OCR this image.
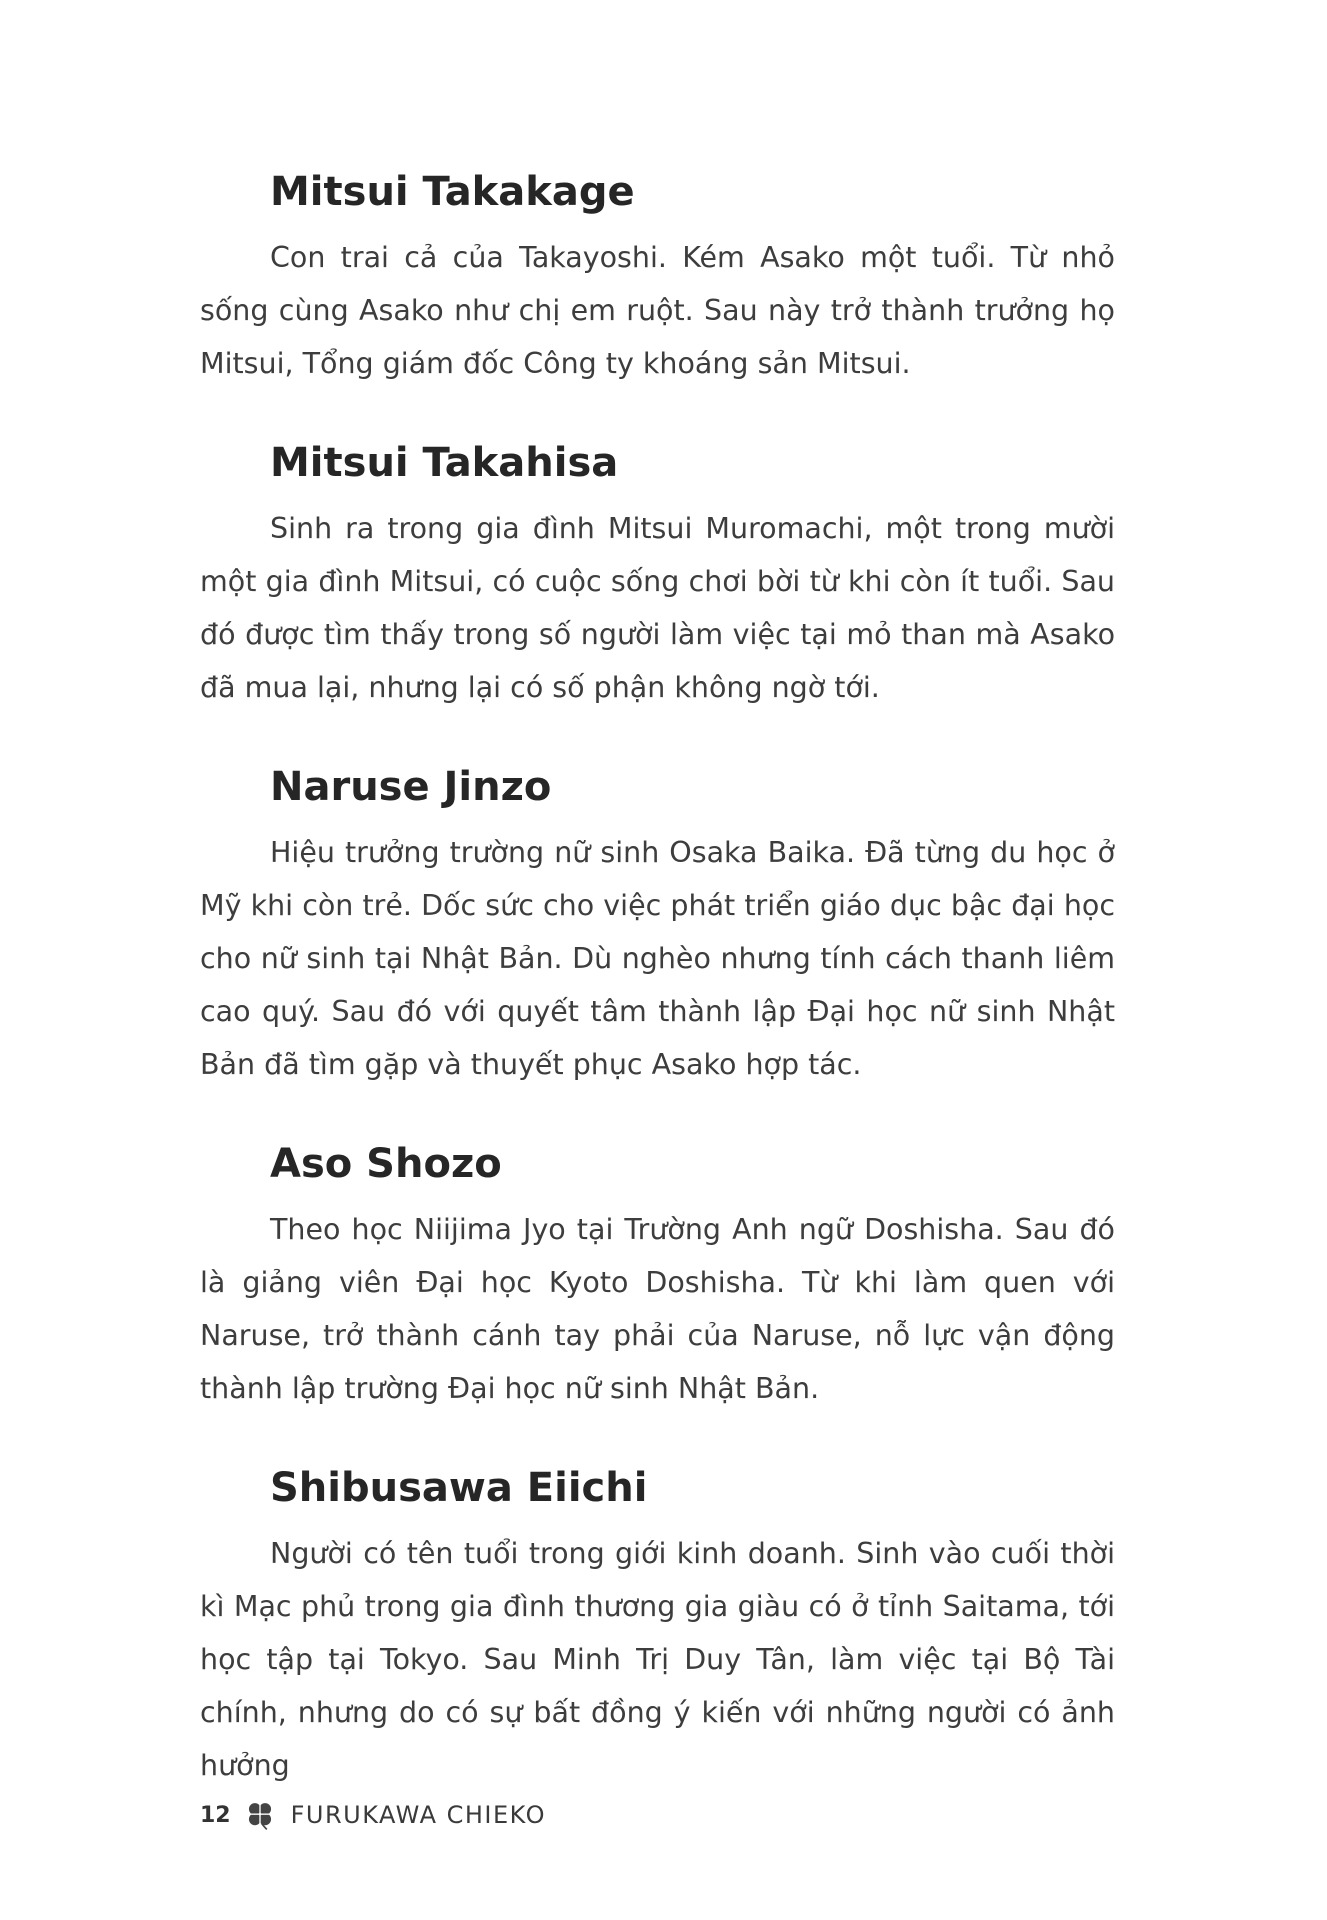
Mitsui Takakage

Con trai cả của Takayoshi. Kém Asako một tuổi. Từ nhỏ sống cùng Asako như chị em ruột. Sau này trở thành trưởng họ Mitsui, Tổng giám đốc Công ty khoáng sản Mitsui.

Mitsui Takahisa

Sinh ra trong gia đình Mitsui Muromachi, một trong mười một gia đình Mitsui, có cuộc sống chơi bời từ khi còn ít tuổi. Sau đó được tìm thấy trong số người làm việc tại mỏ than mà Asako đã mua lại, nhưng lại có số phận không ngờ tới.

Naruse Jinzo

Hiệu trưởng trường nữ sinh Osaka Baika. Đã từng du học ở Mỹ khi còn trẻ. Dốc sức cho việc phát triển giáo dục bậc đại học cho nữ sinh tại Nhật Bản. Dù nghèo nhưng tính cách thanh liêm cao quý. Sau đó với quyết tâm thành lập Đại học nữ sinh Nhật Bản đã tìm gặp và thuyết phục Asako hợp tác.

Aso Shozo

Theo học Niijima Jyo tại Trường Anh ngữ Doshisha. Sau đó là giảng viên Đại học Kyoto Doshisha. Từ khi làm quen với Naruse, trở thành cánh tay phải của Naruse, nỗ lực vận động thành lập trường Đại học nữ sinh Nhật Bản.

Shibusawa Eiichi

Người có tên tuổi trong giới kinh doanh. Sinh vào cuối thời kì Mạc phủ trong gia đình thương gia giàu có ở tỉnh Saitama, tới học tập tại Tokyo. Sau Minh Trị Duy Tân, làm việc tại Bộ Tài chính, nhưng do có sự bất đồng ý kiến với những người có ảnh hưởng

12	FURUKAWA CHIEKO
